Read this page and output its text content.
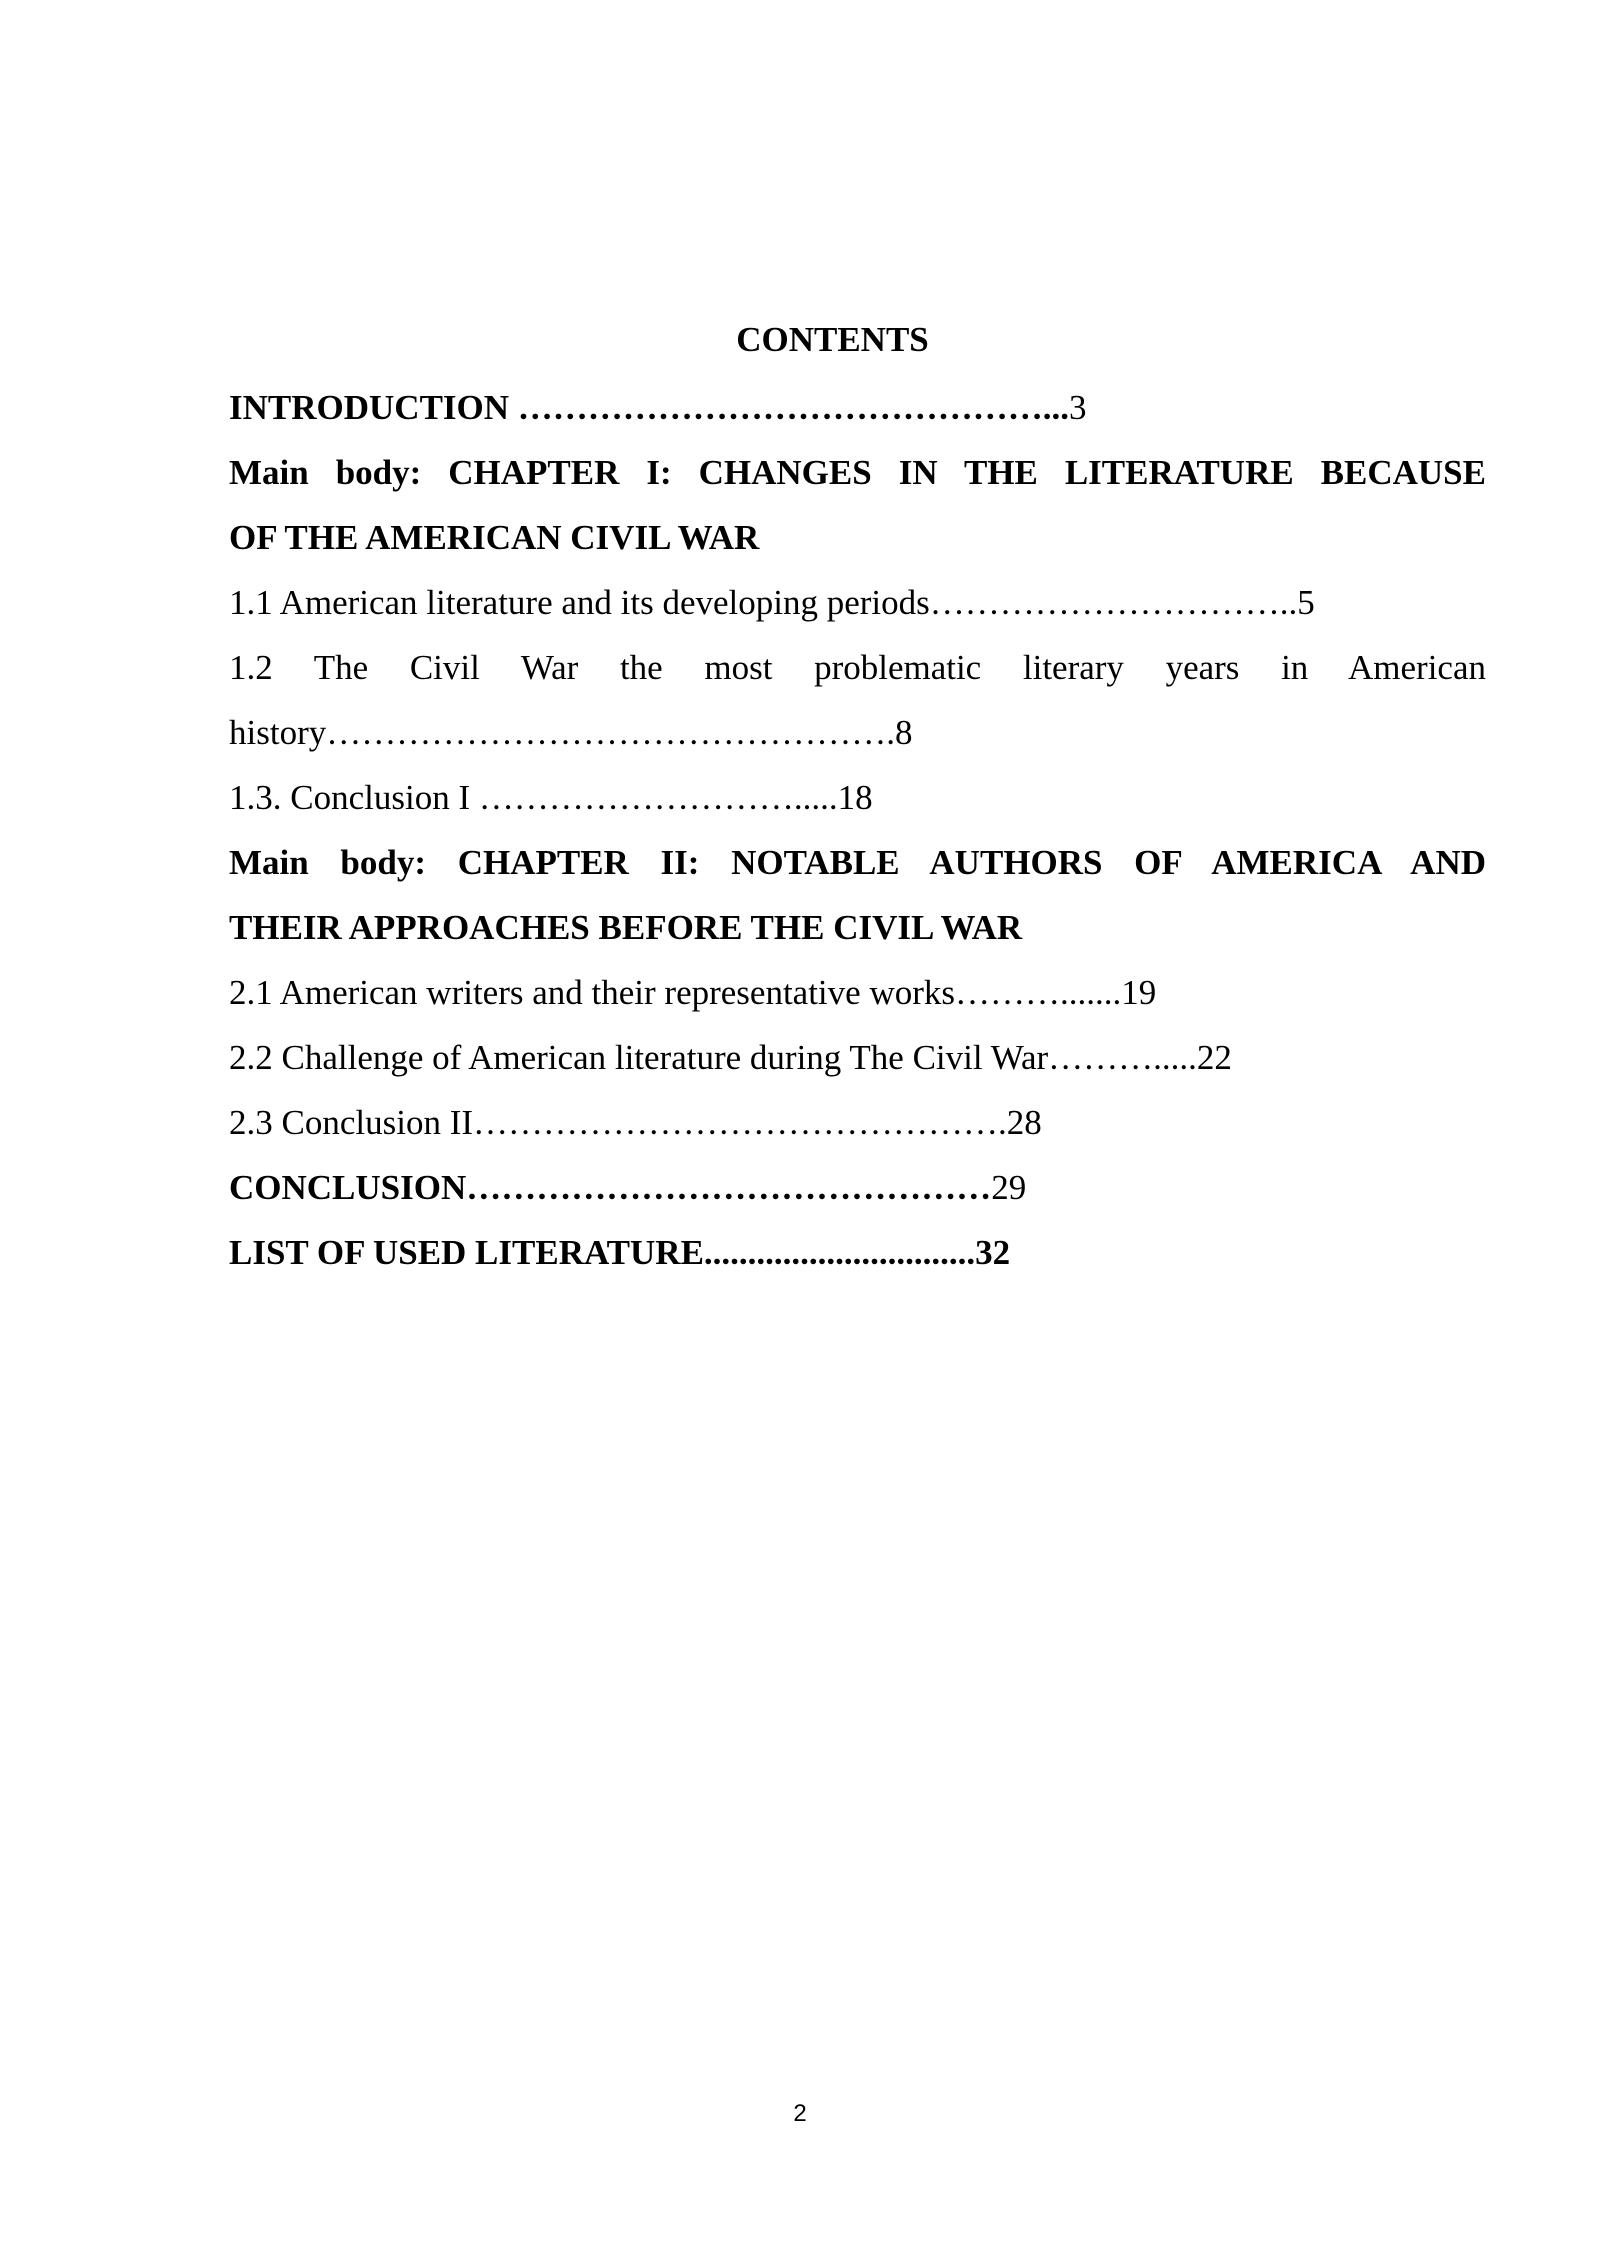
CONTENTS
INTRODUCTION ………………………………………...3
Main body: CHAPTER I: CHANGES IN THE LITERATURE BECAUSE
OF THE AMERICAN CIVIL WAR
1.1 American literature and its developing periods…………………………..5
1.2 The Civil War the most problematic literary years in American
history………………………………………….8
1.3. Conclusion I ……………………….....18
Main body: CHAPTER II: NOTABLE AUTHORS OF AMERICA AND
THEIR APPROACHES BEFORE THE CIVIL WAR
2.1 American writers and their representative works……….......19
2.2 Challenge of American literature during The Civil War……….....22
2.3 Conclusion II……………………………………….28
CONCLUSION………………………………………29
LIST OF USED LITERATURE...............................32
2
